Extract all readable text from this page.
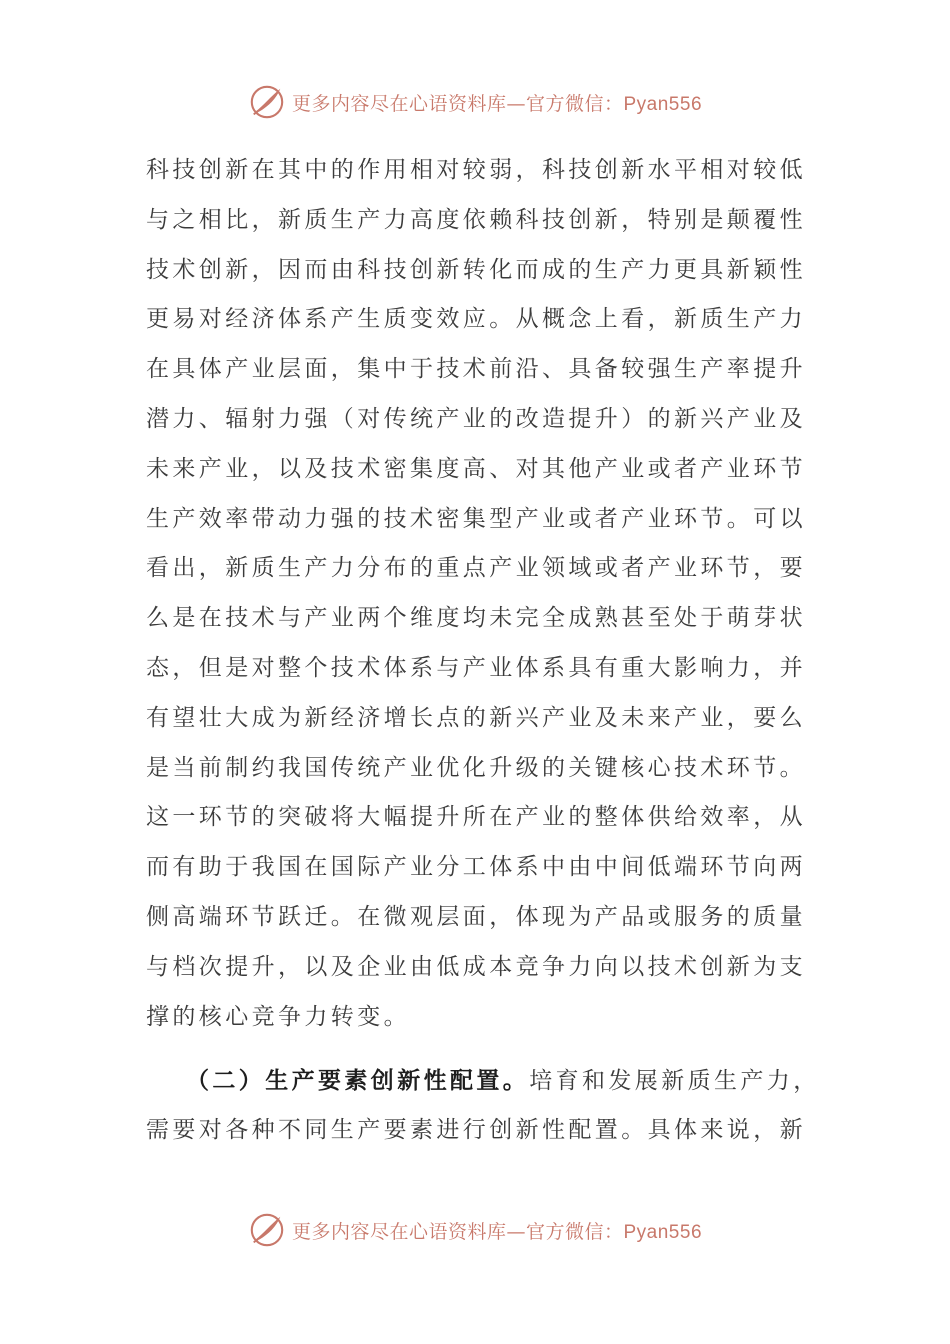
更多内容尽在心语资料库—官方微信：Pyan556
科技创新在其中的作用相对较弱，科技创新水平相对较低
与之相比，新质生产力高度依赖科技创新，特别是颠覆性
技术创新，因而由科技创新转化而成的生产力更具新颖性
更易对经济体系产生质变效应。从概念上看，新质生产力
在具体产业层面，集中于技术前沿、具备较强生产率提升
潜力、辐射力强（对传统产业的改造提升）的新兴产业及
未来产业，以及技术密集度高、对其他产业或者产业环节
生产效率带动力强的技术密集型产业或者产业环节。可以
看出，新质生产力分布的重点产业领域或者产业环节，要
么是在技术与产业两个维度均未完全成熟甚至处于萌芽状
态，但是对整个技术体系与产业体系具有重大影响力，并
有望壮大成为新经济增长点的新兴产业及未来产业，要么
是当前制约我国传统产业优化升级的关键核心技术环节。
这一环节的突破将大幅提升所在产业的整体供给效率，从
而有助于我国在国际产业分工体系中由中间低端环节向两
侧高端环节跃迁。在微观层面，体现为产品或服务的质量
与档次提升，以及企业由低成本竞争力向以技术创新为支
撑的核心竞争力转变。
（二）生产要素创新性配置。培育和发展新质生产力，
需要对各种不同生产要素进行创新性配置。具体来说，新
更多内容尽在心语资料库—官方微信：Pyan556
